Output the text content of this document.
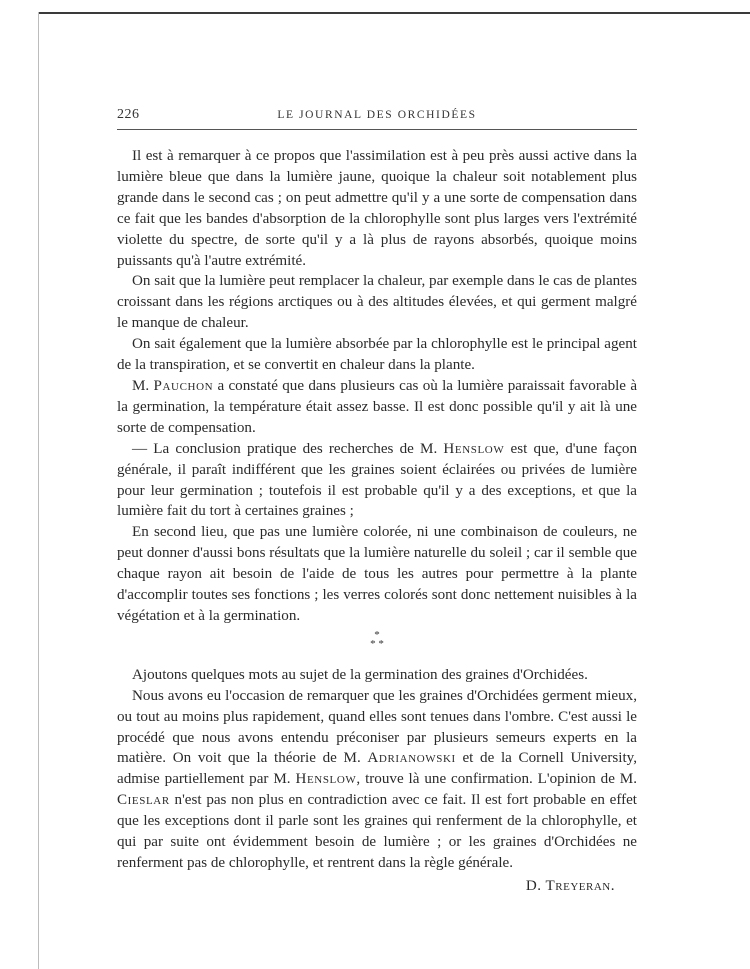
226	LE JOURNAL DES ORCHIDÉES

Il est à remarquer à ce propos que l'assimilation est à peu près aussi active dans la lumière bleue que dans la lumière jaune, quoique la chaleur soit notablement plus grande dans le second cas ; on peut admettre qu'il y a une sorte de compensation dans ce fait que les bandes d'absorption de la chlorophylle sont plus larges vers l'extrémité violette du spectre, de sorte qu'il y a là plus de rayons absorbés, quoique moins puissants qu'à l'autre extrémité.

On sait que la lumière peut remplacer la chaleur, par exemple dans le cas de plantes croissant dans les régions arctiques ou à des altitudes élevées, et qui germent malgré le manque de chaleur.

On sait également que la lumière absorbée par la chlorophylle est le principal agent de la transpiration, et se convertit en chaleur dans la plante.

M. Pauchon a constaté que dans plusieurs cas où la lumière paraissait favorable à la germination, la température était assez basse. Il est donc possible qu'il y ait là une sorte de compensation.

— La conclusion pratique des recherches de M. Henslow est que, d'une façon générale, il paraît indifférent que les graines soient éclairées ou privées de lumière pour leur germination ; toutefois il est probable qu'il y a des exceptions, et que la lumière fait du tort à certaines graines ;

En second lieu, que pas une lumière colorée, ni une combinaison de couleurs, ne peut donner d'aussi bons résultats que la lumière naturelle du soleil ; car il semble que chaque rayon ait besoin de l'aide de tous les autres pour permettre à la plante d'accomplir toutes ses fonctions ; les verres colorés sont donc nettement nuisibles à la végétation et à la germination.

*
* *

Ajoutons quelques mots au sujet de la germination des graines d'Orchidées.

Nous avons eu l'occasion de remarquer que les graines d'Orchidées germent mieux, ou tout au moins plus rapidement, quand elles sont tenues dans l'ombre. C'est aussi le procédé que nous avons entendu préconiser par plusieurs semeurs experts en la matière. On voit que la théorie de M. Adrianowski et de la Cornell University, admise partiellement par M. Henslow, trouve là une confirmation. L'opinion de M. Cieslar n'est pas non plus en contradiction avec ce fait. Il est fort probable en effet que les exceptions dont il parle sont les graines qui renferment de la chlorophylle, et qui par suite ont évidemment besoin de lumière ; or les graines d'Orchidées ne renferment pas de chlorophylle, et rentrent dans la règle générale.

D. Treyeran.
